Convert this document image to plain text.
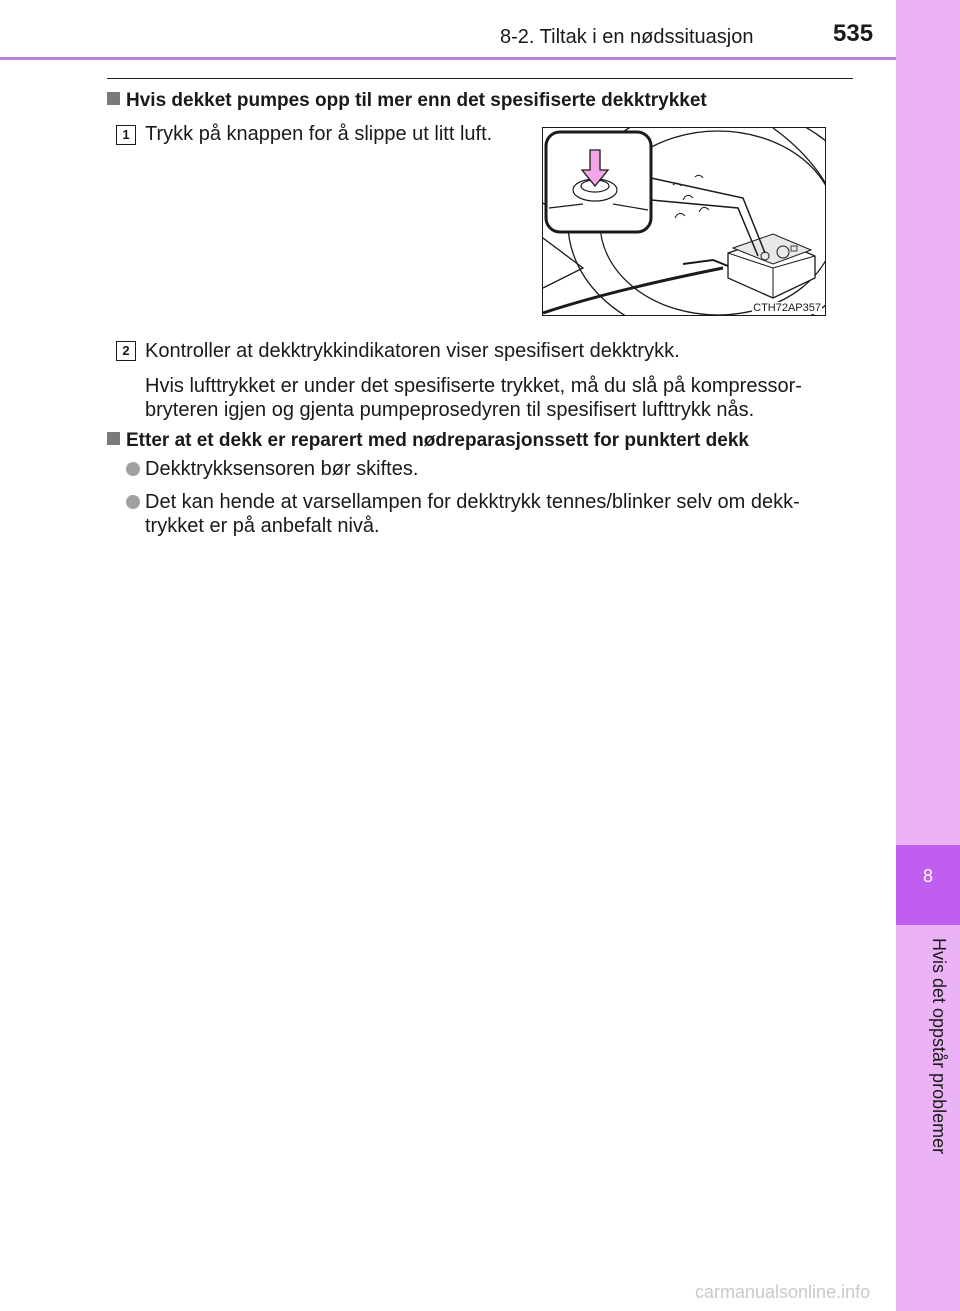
8
Hvis det oppstår problemer
8-2. Tiltak i en nødssituasjon	535
Hvis dekket pumpes opp til mer enn det spesifiserte dekktrykket
1 Trykk på knappen for å slippe ut litt luft.
CTH72AP357
2 Kontroller at dekktrykkindikatoren viser spesifisert dekktrykk.
Hvis lufttrykket er under det spesifiserte trykket, må du slå på kompressor-
bryteren igjen og gjenta pumpeprosedyren til spesifisert lufttrykk nås.
Etter at et dekk er reparert med nødreparasjonssett for punktert dekk
Dekktrykksensoren bør skiftes.
Det kan hende at varsellampen for dekktrykk tennes/blinker selv om dekk-
trykket er på anbefalt nivå.
carmanualsonline.info
